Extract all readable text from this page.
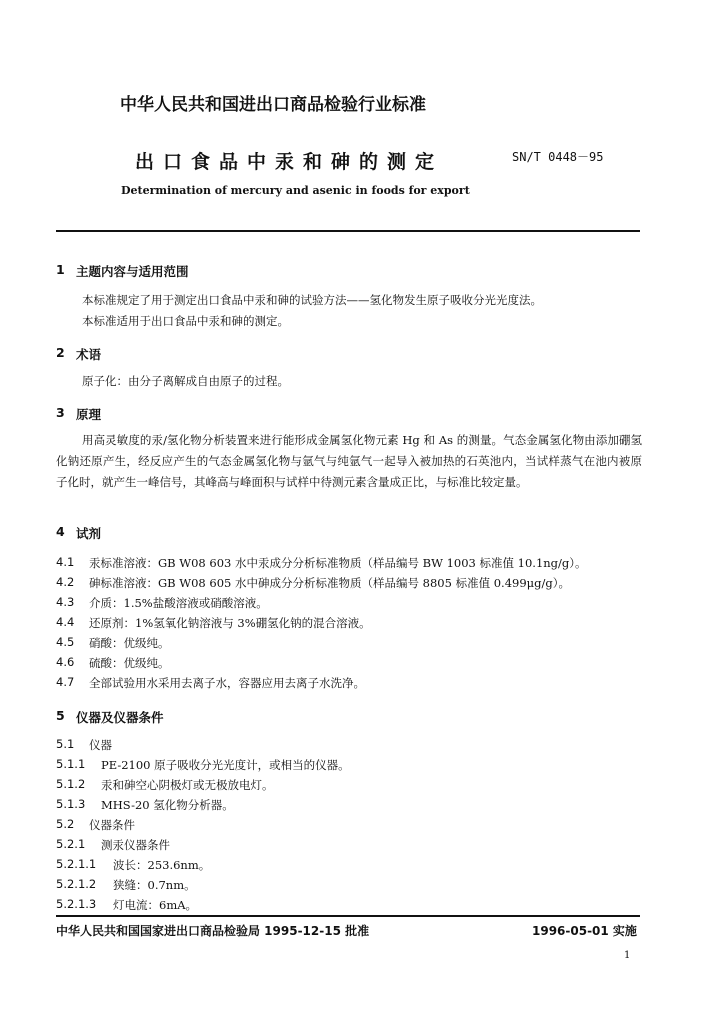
中华人民共和国进出口商品检验行业标准
出口食品中汞和砷的测定	SN/T 0448－95
Determination of mercury and asenic in foods for export
1 主题内容与适用范围
本标准规定了用于测定出口食品中汞和砷的试验方法——氢化物发生原子吸收分光光度法。
本标准适用于出口食品中汞和砷的测定。
2 术语
原子化：由分子离解成自由原子的过程。
3 原理
用高灵敏度的汞/氢化物分析装置来进行能形成金属氢化物元素 Hg 和 As 的测量。气态金属氢化物由添加硼氢化钠还原产生，经反应产生的气态金属氢化物与氩气与纯氩气一起导入被加热的石英池内，当试样蒸气在池内被原子化时，就产生一峰信号，其峰高与峰面积与试样中待测元素含量成正比，与标准比较定量。
4 试剂
4.1 汞标准溶液：GB W08 603 水中汞成分分析标准物质（样品编号 BW 1003 标准值 10.1ng/g）。
4.2 砷标准溶液：GB W08 605 水中砷成分分析标准物质（样品编号 8805 标准值 0.499μg/g）。
4.3 介质：1.5%盐酸溶液或硝酸溶液。
4.4 还原剂：1%氢氧化钠溶液与 3%硼氢化钠的混合溶液。
4.5 硝酸：优级纯。
4.6 硫酸：优级纯。
4.7 全部试验用水采用去离子水，容器应用去离子水洗净。
5 仪器及仪器条件
5.1 仪器
5.1.1 PE-2100 原子吸收分光光度计，或相当的仪器。
5.1.2 汞和砷空心阴极灯或无极放电灯。
5.1.3 MHS-20 氢化物分析器。
5.2 仪器条件
5.2.1 测汞仪器条件
5.2.1.1 波长：253.6nm。
5.2.1.2 狭缝：0.7nm。
5.2.1.3 灯电流：6mA。
中华人民共和国国家进出口商品检验局 1995-12-15 批准	1996-05-01 实施
1
